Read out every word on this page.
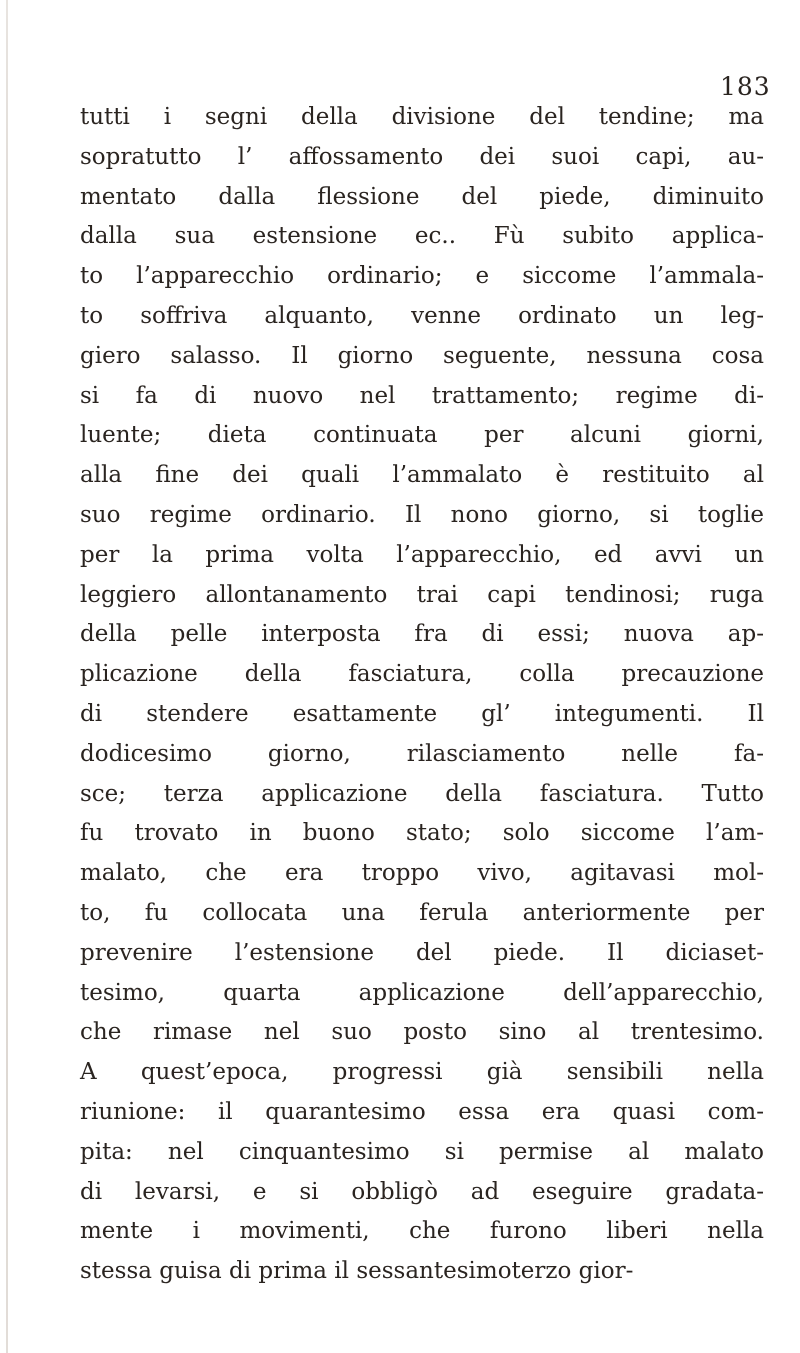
183
tutti i segni della divisione del tendine; ma
sopratutto l’ affossamento dei suoi capi, au-
mentato dalla flessione del piede, diminuito
dalla sua estensione ec.. Fù subito applica-
to l’apparecchio ordinario; e siccome l’ammala-
to soffriva alquanto, venne ordinato un leg-
giero salasso. Il giorno seguente, nessuna cosa
si fa di nuovo nel trattamento; regime di-
luente; dieta continuata per alcuni giorni,
alla fine dei quali l’ammalato è restituito al
suo regime ordinario. Il nono giorno, si toglie
per la prima volta l’apparecchio, ed avvi un
leggiero allontanamento trai capi tendinosi; ruga
della pelle interposta fra di essi; nuova ap-
plicazione della fasciatura, colla precauzione
di stendere esattamente gl’ integumenti. Il
dodicesimo giorno, rilasciamento nelle fa-
sce; terza applicazione della fasciatura. Tutto
fu trovato in buono stato; solo siccome l’am-
malato, che era troppo vivo, agitavasi mol-
to, fu collocata una ferula anteriormente per
prevenire l’estensione del piede. Il diciaset-
tesimo, quarta applicazione dell’apparecchio,
che rimase nel suo posto sino al trentesimo.
A quest’epoca, progressi già sensibili nella
riunione: il quarantesimo essa era quasi com-
pita: nel cinquantesimo si permise al malato
di levarsi, e si obbligò ad eseguire gradata-
mente i movimenti, che furono liberi nella
stessa guisa di prima il sessantesimoterzo gior-
